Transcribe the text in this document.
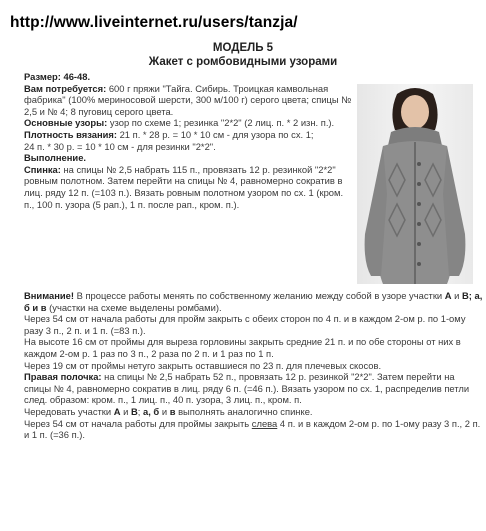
http://www.liveinternet.ru/users/tanzja/
МОДЕЛЬ 5
Жакет с ромбовидными узорами

Размер: 46-48.

Вам потребуется: 600 г пряжи "Тайга. Сибирь. Троицкая камвольная фабрика" (100% мериносовой шерсти, 300 м/100 г) серого цвета; спицы № 2,5 и № 4; 8 пуговиц серого цвета.

Основные узоры: узор по схеме 1; резинка "2*2" (2 лиц. п. * 2 изн. п.).

Плотность вязания: 21 п. * 28 р. = 10 * 10 см - для узора по сх. 1;

24 п. * 30 р. = 10 * 10 см - для резинки "2*2".

Выполнение.

Спинка: на спицы № 2,5 набрать 115 п., провязать 12 р. резинкой "2*2" ровным полотном. Затем перейти на спицы № 4, равномерно сократив в лиц. ряду 12 п. (=103 п.). Вязать ровным полотном узором по сх. 1 (кром. п., 100 п. узора (5 рап.), 1 п. после рап., кром. п.).

Внимание! В процессе работы менять по собственному желанию между собой в узоре участки А и В; а, б и в (участки на схеме выделены ромбами).

Через 54 см от начала работы для пройм закрыть с обеих сторон по 4 п. и в каждом 2-ом р. по 1-ому разу 3 п., 2 п. и 1 п. (=83 п.).

На высоте 16 см от проймы для выреза горловины закрыть средние 21 п. и по обе стороны от них в каждом 2-ом р. 1 раз по 3 п., 2 раза по 2 п. и 1 раз по 1 п.

Через 19 см от проймы нетуго закрыть оставшиеся по 23 п. для плечевых скосов.

Правая полочка: на спицы № 2,5 набрать 52 п., провязать 12 р. резинкой "2*2". Затем перейти на спицы № 4, равномерно сократив в лиц. ряду 6 п. (=46 п.). Вязать узором по сх. 1, распределив петли след. образом: кром. п., 1 лиц. п., 40 п. узора, 3 лиц. п., кром. п.

Чередовать участки А и В; а, б и в выполнять аналогично спинке.

Через 54 см от начала работы для проймы закрыть слева 4 п. и в каждом 2-ом р. по 1-ому разу 3 п., 2 п. и 1 п. (=36 п.).
